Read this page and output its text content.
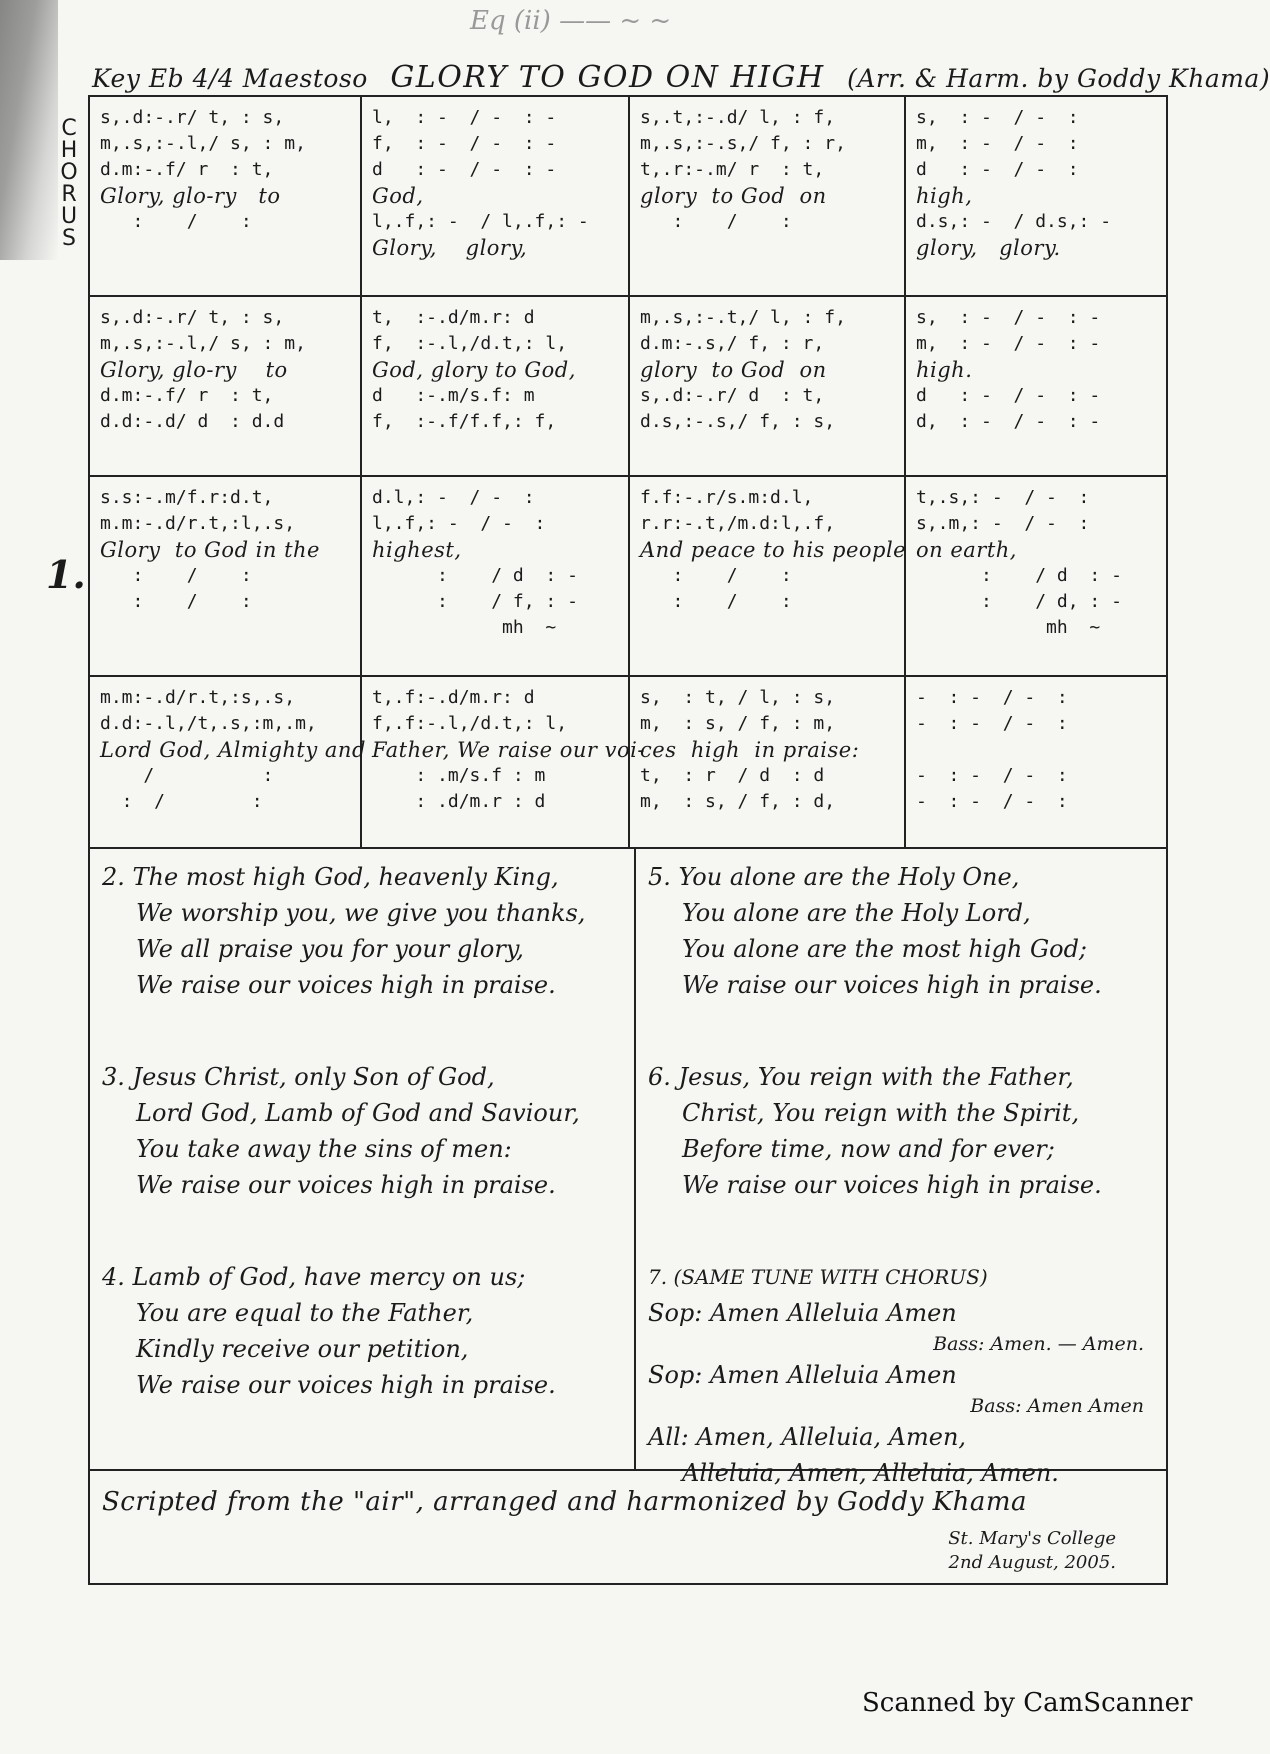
Eq (ii) —— ~ ~
Key Eb 4/4 Maestoso GLORY TO GOD ON HIGH (Arr. & Harm. by Goddy Khama)
C
H
O
R
U
S
1.
s,.d:-.r/ t, : s,
m,.s,:-.l,/ s, : m,
d.m:-.f/ r  : t,
Glory, glo-ry   to
:    /    :
l,  : -  / -  : -
f,  : -  / -  : -
d   : -  / -  : -
God,
l,.f,: -  / l,.f,: -
Glory,    glory,
s,.t,:-.d/ l, : f,
m,.s,:-.s,/ f, : r,
t,.r:-.m/ r  : t,
glory  to God  on
:    /    :
s,  : -  / -  :
m,  : -  / -  :
d   : -  / -  :
high,
d.s,: -  / d.s,: -
glory,   glory.
s,.d:-.r/ t, : s,
m,.s,:-.l,/ s, : m,
Glory, glo-ry    to
d.m:-.f/ r  : t,
d.d:-.d/ d  : d.d
t,  :-.d/m.r: d
f,  :-.l,/d.t,: l,
God, glory to God,
d   :-.m/s.f: m
f,  :-.f/f.f,: f,
m,.s,:-.t,/ l, : f,
d.m:-.s,/ f, : r,
glory  to God  on
s,.d:-.r/ d  : t,
d.s,:-.s,/ f, : s,
s,  : -  / -  : -
m,  : -  / -  : -
high.
d   : -  / -  : -
d,  : -  / -  : -
s.s:-.m/f.r:d.t,
m.m:-.d/r.t,:l,.s,
Glory  to God in the
:    /    :
:    /    :
d.l,: -  / -  :
l,.f,: -  / -  :
highest,
:    / d  : -
:    / f, : -
mh  ~
f.f:-.r/s.m:d.l,
r.r:-.t,/m.d:l,.f,
And peace to his people
:    /    :
:    /    :
t,.s,: -  / -  :
s,.m,: -  / -  :
on earth,
:    / d  : -
:    / d, : -
mh  ~
m.m:-.d/r.t,:s,.s,
d.d:-.l,/t,.s,:m,.m,
Lord God, Almighty and
/          :
:  /        :
t,.f:-.d/m.r: d
f,.f:-.l,/d.t,: l,
Father, We raise our voi-
: .m/s.f : m
: .d/m.r : d
s,  : t, / l, : s,
m,  : s, / f, : m,
ces  high  in praise:
t,  : r  / d  : d
m,  : s, / f, : d,
-  : -  / -  :
-  : -  / -  :

-  : -  / -  :
-  : -  / -  :
2. The most high God, heavenly King,
We worship you, we give you thanks,
We all praise you for your glory,
We raise our voices high in praise.
5. You alone are the Holy One,
You alone are the Holy Lord,
You alone are the most high God;
We raise our voices high in praise.
3. Jesus Christ, only Son of God,
Lord God, Lamb of God and Saviour,
You take away the sins of men:
We raise our voices high in praise.
6. Jesus, You reign with the Father,
Christ, You reign with the Spirit,
Before time, now and for ever;
We raise our voices high in praise.
4. Lamb of God, have mercy on us;
You are equal to the Father,
Kindly receive our petition,
We raise our voices high in praise.
7. (SAME TUNE WITH CHORUS)
Sop: Amen Alleluia Amen
Bass: Amen. — Amen.
Sop: Amen Alleluia Amen
Bass: Amen Amen
All: Amen, Alleluia, Amen,
Alleluia, Amen, Alleluia, Amen.
Scripted from the "air", arranged and harmonized by Goddy Khama
St. Mary's College
2nd August, 2005.
Scanned by CamScanner
